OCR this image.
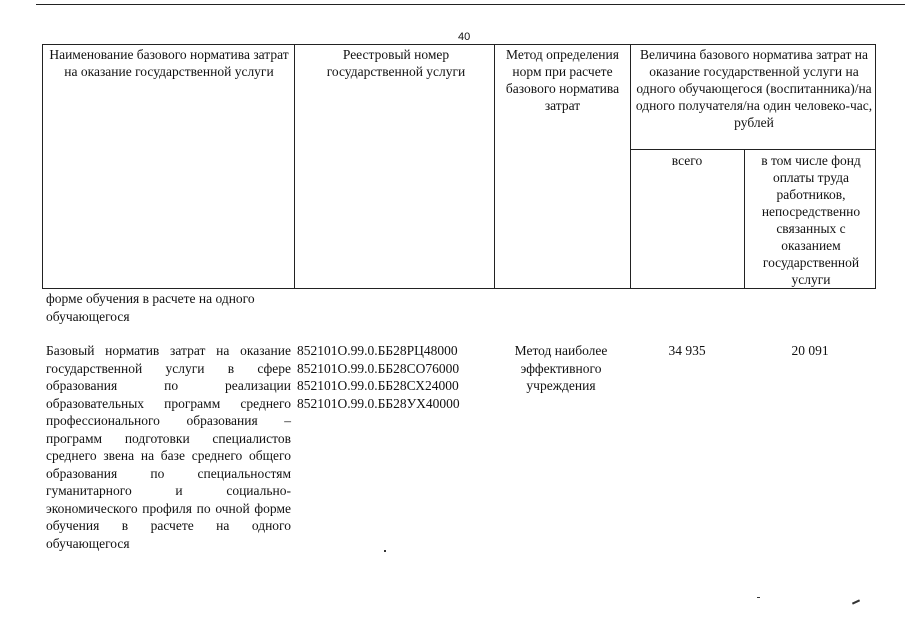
40
Наименование базового норматива затрат на оказание государственной услуги
Реестровый номер государственной услуги
Метод определения норм при расчете базового норматива затрат
Величина базового норматива затрат на оказание государственной услуги на одного обучающегося (воспитанника)/на одного получателя/на один человеко-час, рублей
всего	в том числе фонд оплаты труда работников, непосредственно связанных с оказанием государственной услуги
форме обучения в расчете на одного обучающегося
Базовый норматив затрат на оказание государственной услуги в сфере образования по реализации образовательных программ среднего профессионального образования – программ подготовки специалистов среднего звена на базе среднего общего образования по специальностям гуманитарного и социально-экономического профиля по очной форме обучения в расчете на одного обучающегося
852101О.99.0.ББ28РЦ48000
852101О.99.0.ББ28СО76000
852101О.99.0.ББ28СХ24000
852101О.99.0.ББ28УХ40000
Метод наиболее эффективного учреждения
34 935	20 091
